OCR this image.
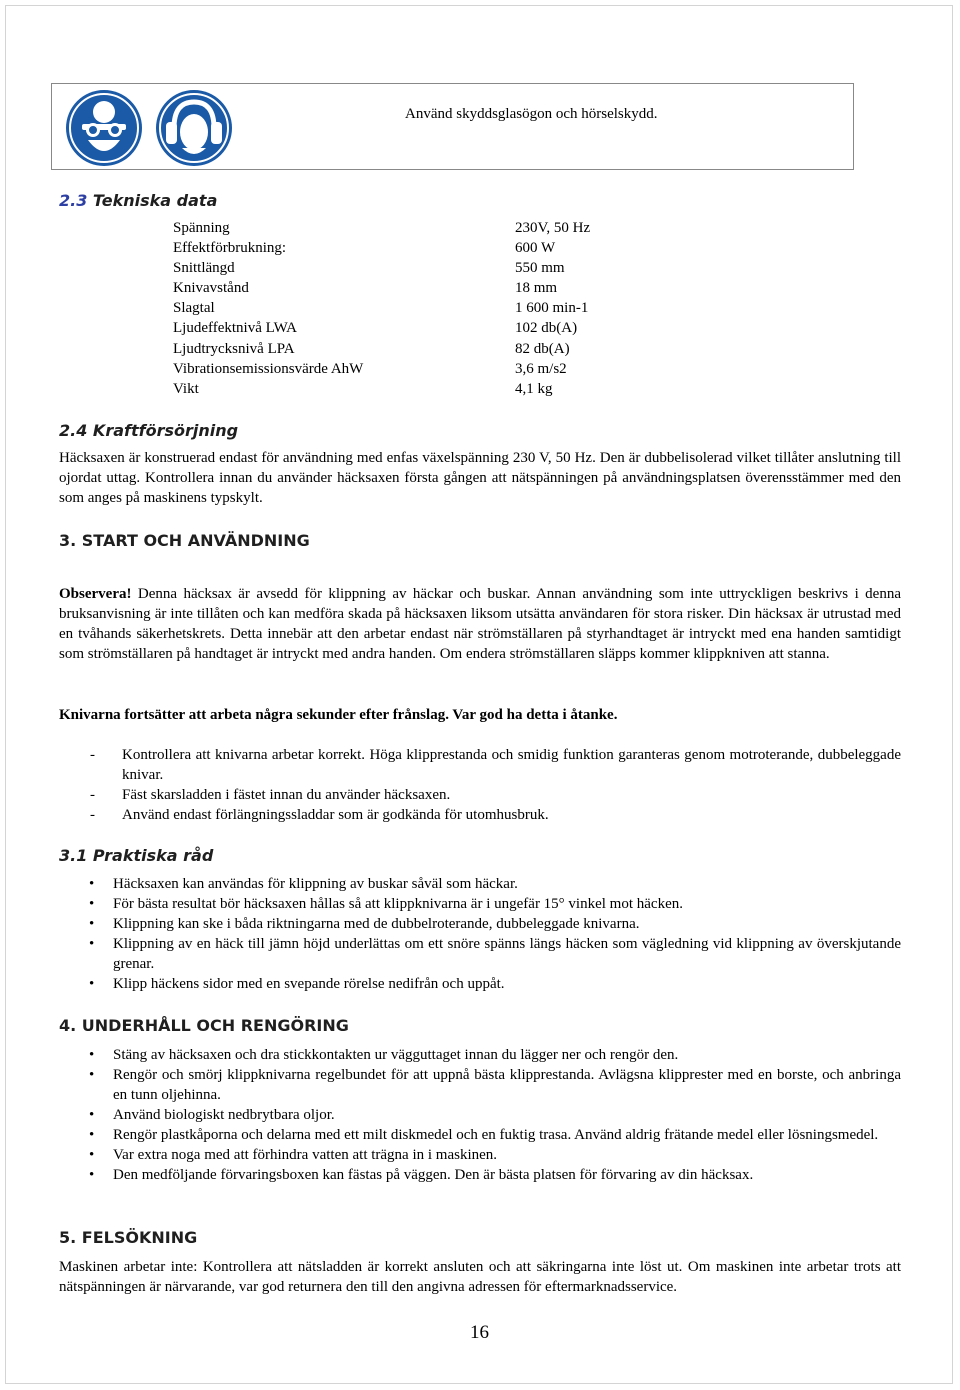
Använd skyddsglasögon och hörselskydd.
2.3 Tekniska data
Spänning	230V, 50 Hz
Effektförbrukning:	600 W
Snittlängd	550 mm
Knivavstånd	18 mm
Slagtal	1 600 min-1
Ljudeffektnivå LWA	102 db(A)
Ljudtrycksnivå LPA	82 db(A)
Vibrationsemissionsvärde AhW	3,6 m/s2
Vikt	4,1 kg
2.4 Kraftförsörjning

Häcksaxen är konstruerad endast för användning med enfas växelspänning 230 V, 50 Hz. Den är dubbelisolerad vilket tillåter anslutning till ojordat uttag. Kontrollera innan du använder häcksaxen första gången att nätspänningen på användningsplatsen överensstämmer med den som anges på maskinens typskylt.

3. START OCH ANVÄNDNING

Observera! Denna häcksax är avsedd för klippning av häckar och buskar. Annan användning som inte uttryckligen beskrivs i denna bruksanvisning är inte tillåten och kan medföra skada på häcksaxen liksom utsätta användaren för stora risker. Din häcksax är utrustad med en tvåhands säkerhetskrets. Detta innebär att den arbetar endast när strömställaren på styrhandtaget är intryckt med ena handen samtidigt som strömställaren på handtaget är intryckt med andra handen. Om endera strömställaren släpps kommer klippkniven att stanna.

Knivarna fortsätter att arbeta några sekunder efter frånslag. Var god ha detta i åtanke.

- Kontrollera att knivarna arbetar korrekt. Höga klipprestanda och smidig funktion garanteras genom motroterande, dubbeleggade knivar.
- Fäst skarsladden i fästet innan du använder häcksaxen.
- Använd endast förlängningssladdar som är godkända för utomhusbruk.
3.1 Praktiska råd
• Häcksaxen kan användas för klippning av buskar såväl som häckar.
• För bästa resultat bör häcksaxen hållas så att klippknivarna är i ungefär 15° vinkel mot häcken.
• Klippning kan ske i båda riktningarna med de dubbelroterande, dubbeleggade knivarna.
• Klippning av en häck till jämn höjd underlättas om ett snöre spänns längs häcken som vägledning vid klippning av överskjutande grenar.
• Klipp häckens sidor med en svepande rörelse nedifrån och uppåt.
4. UNDERHÅLL OCH RENGÖRING
• Stäng av häcksaxen och dra stickkontakten ur vägguttaget innan du lägger ner och rengör den.
• Rengör och smörj klippknivarna regelbundet för att uppnå bästa klipprestanda. Avlägsna klipprester med en borste, och anbringa en tunn oljehinna.
• Använd biologiskt nedbrytbara oljor.
• Rengör plastkåporna och delarna med ett milt diskmedel och en fuktig trasa. Använd aldrig frätande medel eller lösningsmedel.
• Var extra noga med att förhindra vatten att trägna in i maskinen.
• Den medföljande förvaringsboxen kan fästas på väggen. Den är bästa platsen för förvaring av din häcksax.
5. FELSÖKNING

Maskinen arbetar inte: Kontrollera att nätsladden är korrekt ansluten och att säkringarna inte löst ut. Om maskinen inte arbetar trots att nätspänningen är närvarande, var god returnera den till den angivna adressen för eftermarknadsservice.

16
